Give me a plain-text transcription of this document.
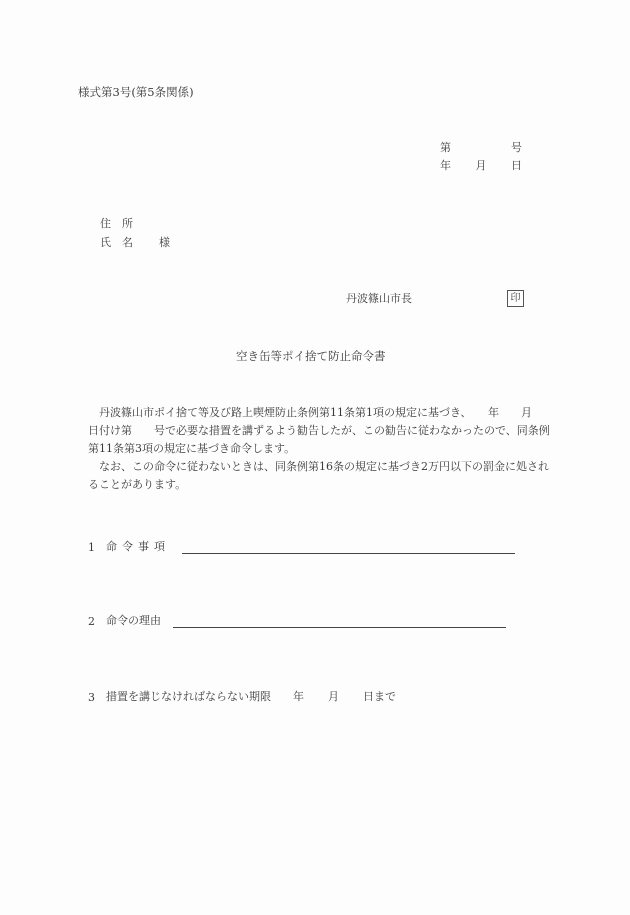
様式第3号(第5条関係)
第	号
年 月 日
住　所
氏　名 様
丹波篠山市長	印
空き缶等ポイ捨て防止命令書
　丹波篠山市ポイ捨て等及び路上喫煙防止条例第11条第1項の規定に基づき、　　年　　月　　日付け第　　号で必要な措置を講ずるよう勧告したが、この勧告に従わなかったので、同条例第11条第3項の規定に基づき命令します。
　なお、この命令に従わないときは、同条例第16条の規定に基づき2万円以下の罰金に処されることがあります。
1	命令事項
2	命令の理由
3	措置を講じなければならない期限 年 月 日まで
